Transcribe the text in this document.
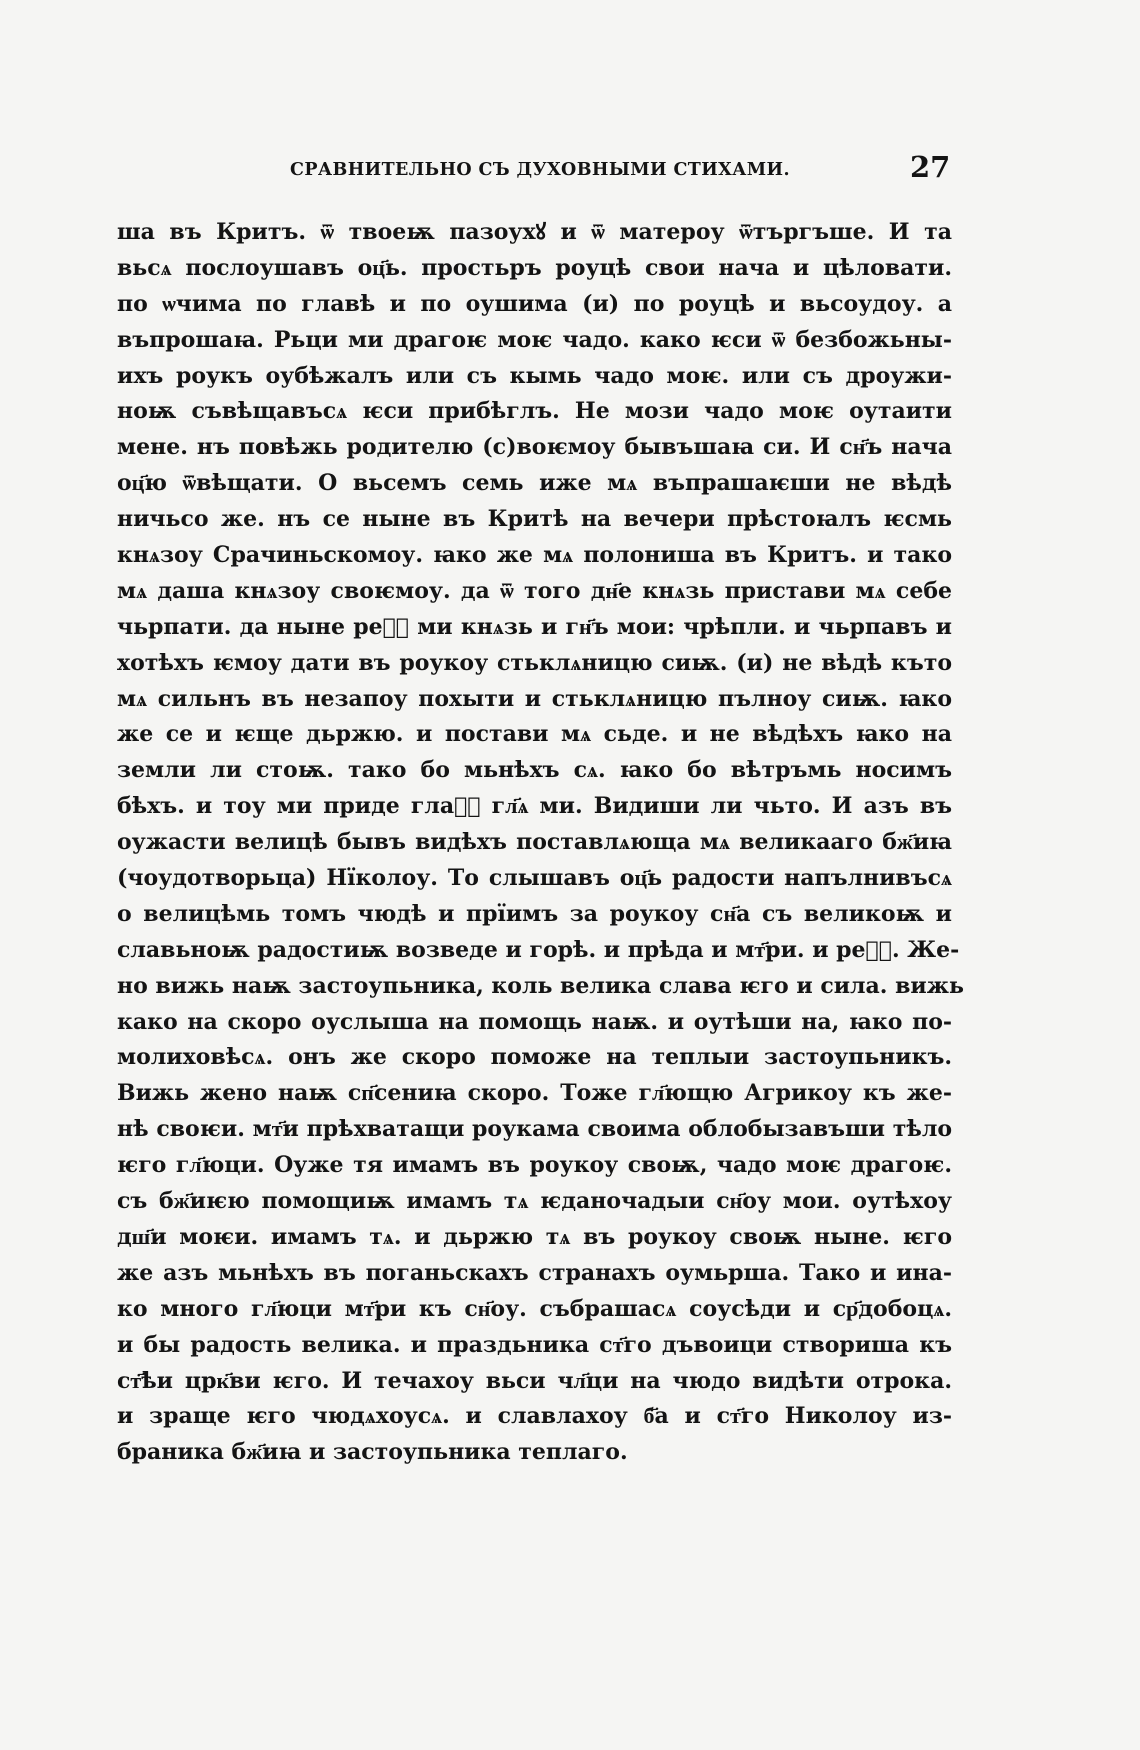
СРАВНИТЕЛЬНО СЪ ДУХОВНЫМИ СТИХАМИ.	27
ша въ Критъ. ѿ твоеѭ пазоухꙋ и ѿ матероу ѿтъргъше. И та
вьсѧ послоушавъ оц҃ь. простьръ роуцѣ свои нача и цѣловати.
по ѡчима по главѣ и по оушима (и) по роуцѣ и вьсоудоу. а
въпрошаꙗ. Рьци ми драгоѥ моѥ чадо. како ѥси ѿ безбожьны-
ихъ роукъ оубѣжалъ или съ кымь чадо моѥ. или съ дроужи-
ноѭ съвѣщавъсѧ ѥси прибѣглъ. Не мози чадо моѥ оутаити
мене. нъ повѣжь родителю (с)воѥмоу бывъшаꙗ си. И сн҃ъ нача
оц҃ю ѿвѣщати. О вьсемъ семь иже мѧ въпрашаѥши не вѣдѣ
ничьсо же. нъ се ныне въ Критѣ на вечери прѣстоꙗлъ ѥсмь
кнѧзоу Срачиньскомоу. ꙗко же мѧ полониша въ Критъ. и тако
мѧ даша кнѧзоу своѥмоу. да ѿ того дн҃е кнѧзь пристави мѧ себе
чьрпати. да ныне реⷱ҇ ми кнѧзь и гн҃ъ мои: чрѣпли. и чьрпавъ и
хотѣхъ ѥмоу дати въ роукоу стьклѧницю сиѭ. (и) не вѣдѣ къто
мѧ сильнъ въ незапоу похыти и стьклѧницю пълноу сиѭ. ꙗко
же се и ѥще дьржю. и постави мѧ сьде. и не вѣдѣхъ ꙗко на
земли ли стоѭ. тако бо мьнѣхъ сѧ. ꙗко бо вѣтръмь носимъ
бѣхъ. и тоу ми приде глаⷭ҇ гл҃ѧ ми. Видиши ли чьто. И азъ въ
оужасти велицѣ бывъ видѣхъ поставлѧюща мѧ великааго бж҃иꙗ
(чоудотворьца) Нїколоу. То слышавъ оц҃ь радости напълнивъсѧ
о велицѣмь томъ чюдѣ и прїимъ за роукоу сн҃а съ великоѭ и
славьноѭ радостиѭ возведе и горѣ. и прѣда и мт҃ри. и реⷱ҇. Же-
но вижь наѭ застоупьника, коль велика слава ѥго и сила. вижь
како на скоро оуслыша на помощь наѭ. и оутѣши на, ꙗко по-
молиховѣсѧ. онъ же скоро поможе на теплыи застоупьникъ.
Вижь жено наѭ сп҃сениꙗ скоро. Тоже гл҃ющю Агрикоу къ же-
нѣ своѥи. мт҃и прѣхватащи роукама своима облобызавъши тѣло
ѥго гл҃юци. Оуже тя имамъ въ роукоу своѭ, чадо моѥ драгоѥ.
съ бж҃иѥю помощиѭ имамъ тѧ ѥданочадыи сн҃оу мои. оутѣхоу
дш҃и моѥи. имамъ тѧ. и дьржю тѧ въ роукоу своѭ ныне. ѥго
же азъ мьнѣхъ въ поганьскахъ странахъ оумьрша. Тако и ина-
ко много гл҃юци мт҃ри къ сн҃оу. събрашасѧ соусѣди и ср҃добоцѧ.
и бы радость велика. и праздьника ст҃го дъвоици створиша къ
ст҃ѣи црк҃ви ѥго. И течахоу вьси чл҃ци на чюдо видѣти отрока.
и зраще ѥго чюдѧхоусѧ. и славлахоу б҃а и ст҃го Николоу из-
браника бж҃иꙗ и застоупьника теплаго.
